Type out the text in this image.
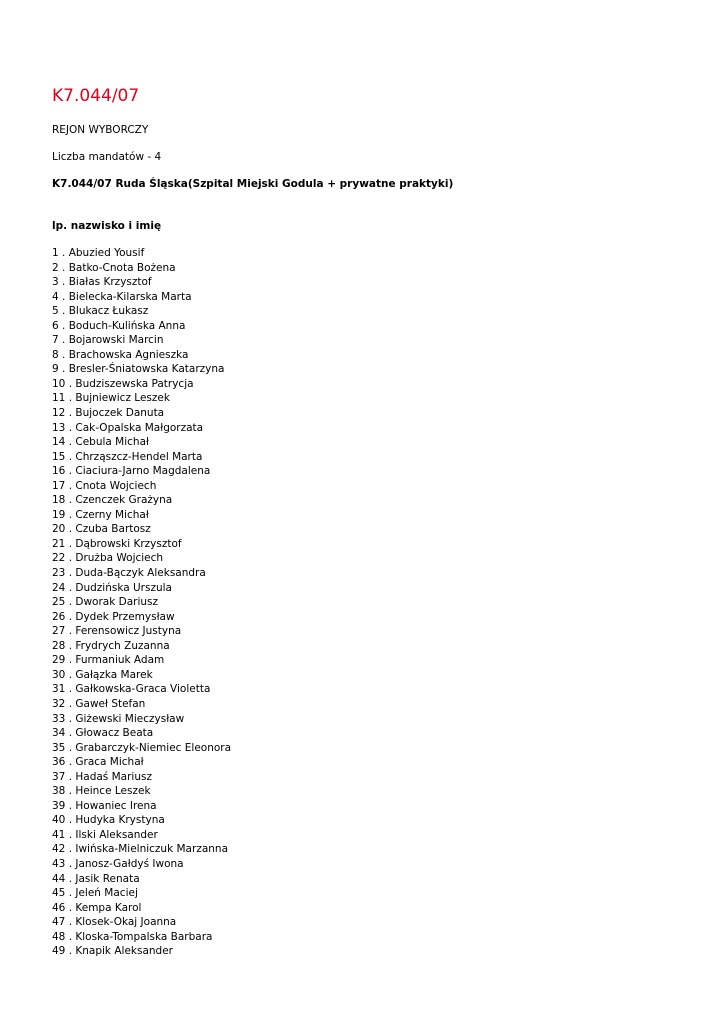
K7.044/07
REJON WYBORCZY
Liczba mandatów - 4
K7.044/07 Ruda Śląska(Szpital Miejski Godula + prywatne praktyki)
lp. nazwisko i imię
1 . Abuzied Yousif
2 . Batko-Cnota Bożena
3 . Białas Krzysztof
4 . Bielecka-Kilarska Marta
5 . Blukacz Łukasz
6 . Boduch-Kulińska Anna
7 . Bojarowski Marcin
8 . Brachowska Agnieszka
9 . Bresler-Śniatowska Katarzyna
10 . Budziszewska Patrycja
11 . Bujniewicz Leszek
12 . Bujoczek Danuta
13 . Cak-Opalska Małgorzata
14 . Cebula Michał
15 . Chrząszcz-Hendel Marta
16 . Ciaciura-Jarno Magdalena
17 . Cnota Wojciech
18 . Czenczek Grażyna
19 . Czerny Michał
20 . Czuba Bartosz
21 . Dąbrowski Krzysztof
22 . Drużba Wojciech
23 . Duda-Bączyk Aleksandra
24 . Dudzińska Urszula
25 . Dworak Dariusz
26 . Dydek Przemysław
27 . Ferensowicz Justyna
28 . Frydrych Zuzanna
29 . Furmaniuk Adam
30 . Gałązka Marek
31 . Gałkowska-Graca Violetta
32 . Gaweł Stefan
33 . Giżewski Mieczysław
34 . Głowacz Beata
35 . Grabarczyk-Niemiec Eleonora
36 . Graca Michał
37 . Hadaś Mariusz
38 . Heince Leszek
39 . Howaniec Irena
40 . Hudyka Krystyna
41 . Ilski Aleksander
42 . Iwińska-Mielniczuk Marzanna
43 . Janosz-Gałdyś Iwona
44 . Jasik Renata
45 . Jeleń Maciej
46 . Kempa Karol
47 . Klosek-Okaj Joanna
48 . Kloska-Tompalska Barbara
49 . Knapik Aleksander
